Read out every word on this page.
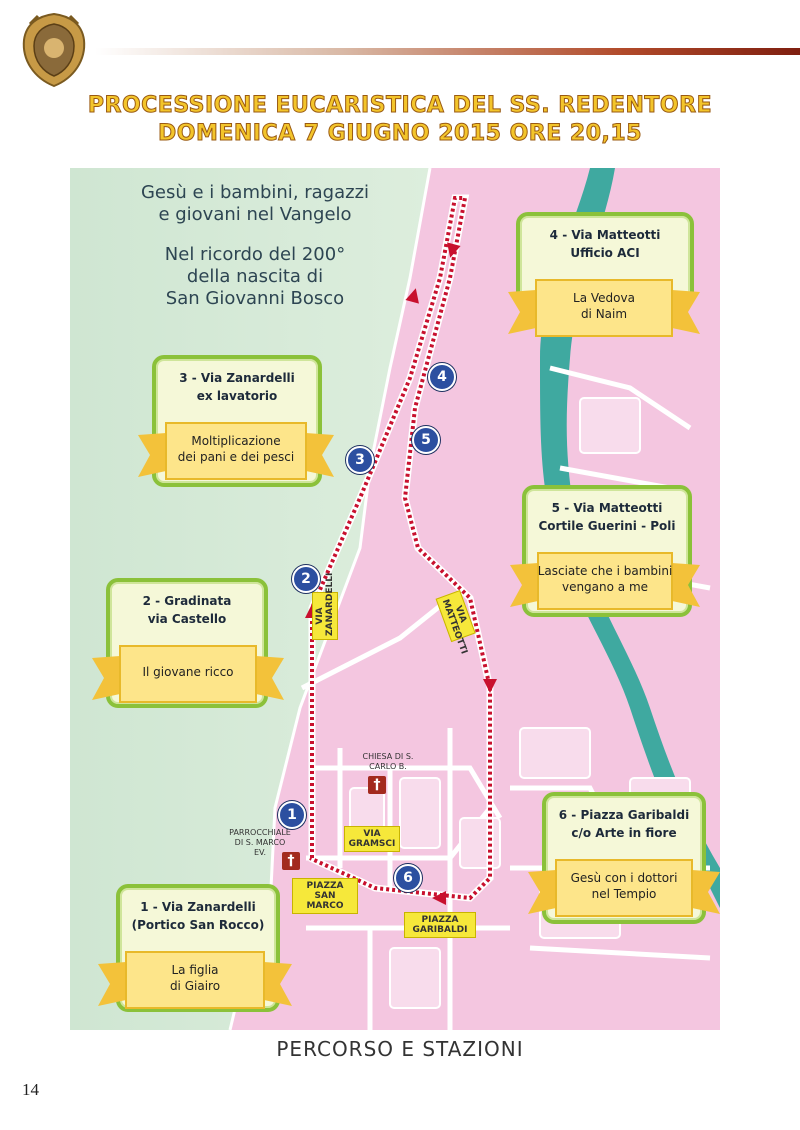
PROCESSIONE EUCARISTICA DEL SS. REDENTORE
DOMENICA 7 GIUGNO 2015 ORE 20,15
Gesù e i bambini, ragazzi
e giovani nel Vangelo
Nel ricordo del 200°
della nascita di
San Giovanni Bosco
VIA MATTEOTTI
VIA ZANARDELLI
VIA GRAMSCI
PIAZZA SAN MARCO
PIAZZA GARIBALDI
CHIESA DI S. CARLO B.
†
PARROCCHIALE DI S. MARCO EV.
†
1
2
3
4
5
6
4 - Via Matteotti
Ufficio ACI
La Vedova
di Naim
3 - Via Zanardelli
ex lavatorio
Moltiplicazione
dei pani e dei pesci
5 - Via Matteotti
Cortile Guerini - Poli
Lasciate che i bambini
vengano a me
2 - Gradinata
via Castello
Il giovane ricco
6 - Piazza Garibaldi
c/o Arte in fiore
Gesù con i dottori
nel Tempio
1 - Via Zanardelli
(Portico San Rocco)
La figlia
di Giairo
PERCORSO E STAZIONI
14
